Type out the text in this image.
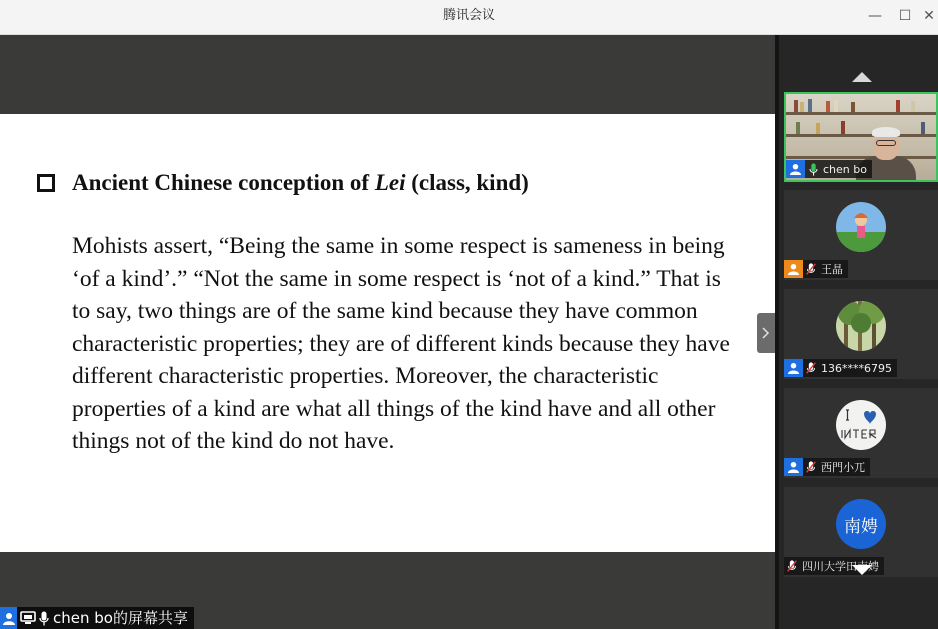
腾讯会议	—	☐ ✕
Ancient Chinese conception of Lei (class, kind)
Mohists assert, “Being the same in some respect is sameness in being ‘of a kind’.” “Not the same in some respect is ‘not of a kind.” That is to say, two things are of the same kind because they have common characteristic properties; they are of different kinds because they have different characteristic properties. Moreover, the characteristic properties of a kind are what all things of the kind have and all other things not of the kind do not have.
chen bo的屏幕共享
chen bo
王晶
136****6795
西門小兀
南娉
四川大学田南娉
